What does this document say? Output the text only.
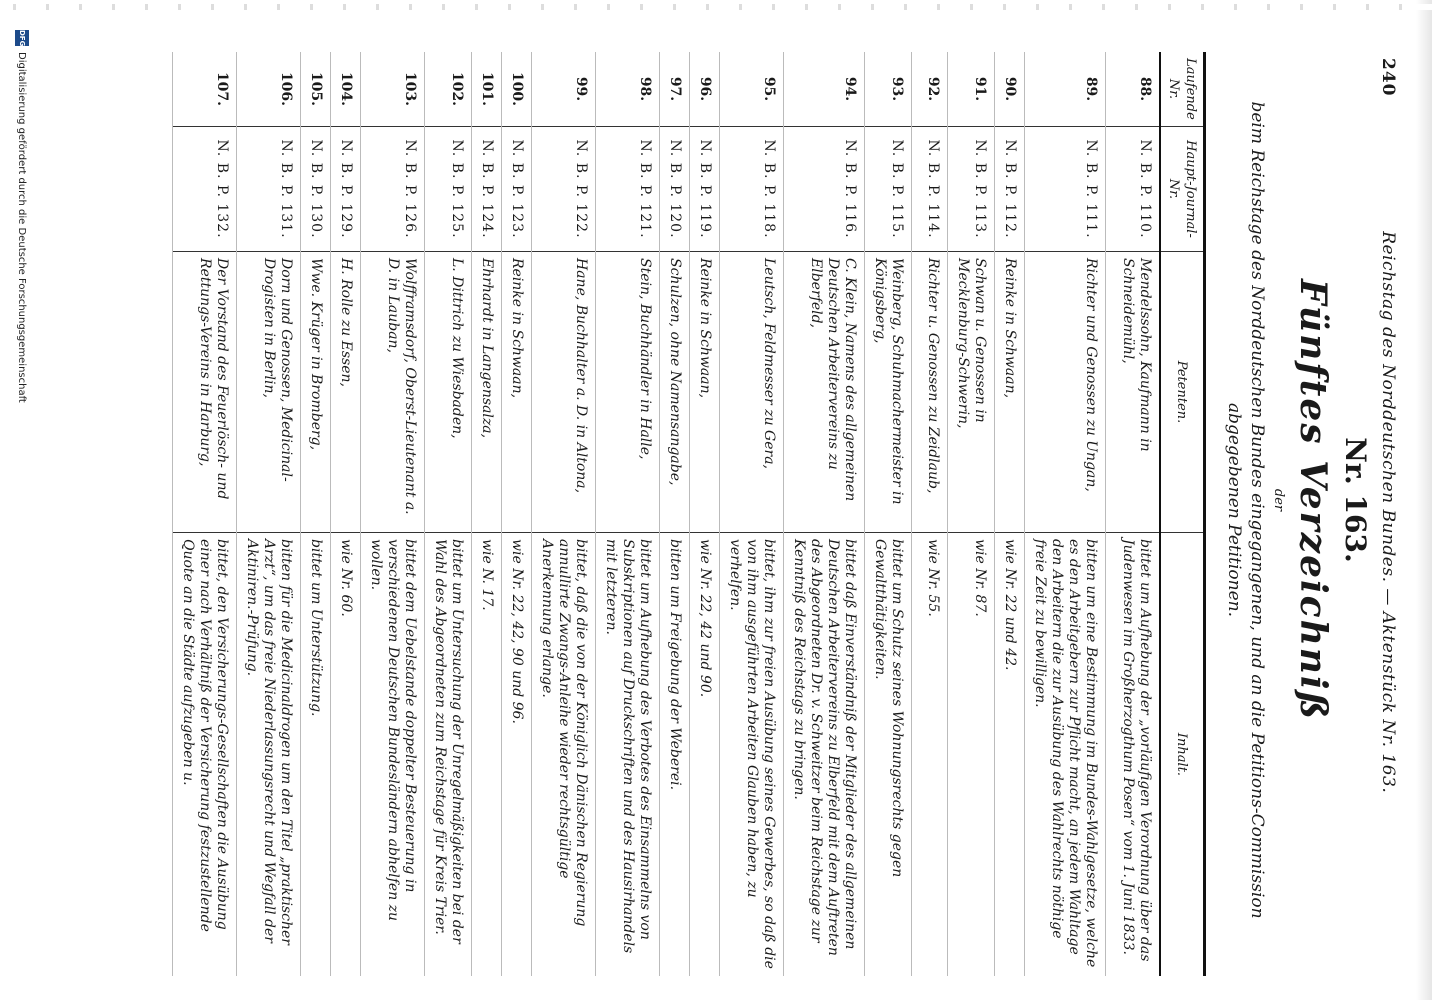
240
Reichstag des Norddeutschen Bundes. — Aktenstück Nr. 163.
Nr. 163.
Fünftes Verzeichniß
der
beim Reichstage des Norddeutschen Bundes eingegangenen, und an die Petitions-Commission abgegebenen Petitionen.
Laufende Nr.	Haupt-Journal-Nr.	Petenten.	Inhalt.
88.	N. B. P. 110.	Mendelssohn, Kaufmann in Schneidemühl,	bittet um Aufhebung der „vorläufigen Verordnung über das Judenwesen im Großherzogthum Posen“ vom 1. Juni 1833.
89.	N. B. P. 111.	Richter und Genossen zu Ungan,	bitten um eine Bestimmung im Bundes-Wahlgesetze, welche es den Arbeitgebern zur Pflicht macht, an jedem Wahltage den Arbeitern die zur Ausübung des Wahlrechts nöthige freie Zeit zu bewilligen.
90.	N. B. P. 112.	Reinke in Schwaan,	wie Nr. 22 und 42.
91.	N. B. P. 113.	Schwan u. Genossen in Mecklenburg-Schwerin,	wie Nr. 87.
92.	N. B. P. 114.	Richter u. Genossen zu Zeidlaub,	wie Nr. 55.
93.	N. B. P. 115.	Weinberg, Schuhmachermeister in Königsberg,	bittet um Schutz seines Wohnungsrechts gegen Gewaltthätigkeiten.
94.	N. B. P. 116.	C. Klein, Namens des allgemeinen Deutschen Arbeitervereins zu Elberfeld,	bittet daß Einverständniß der Mitglieder des allgemeinen Deutschen Arbeitervereins zu Elberfeld mit dem Auftreten des Abgeordneten Dr. v. Schweitzer beim Reichstage zur Kenntniß des Reichstags zu bringen.
95.	N. B. P. 118.	Leutsch, Feldmesser zu Gera,	bittet, ihm zur freien Ausübung seines Gewerbes, so daß die von ihm ausgeführten Arbeiten Glauben haben, zu verhelfen.
96.	N. B. P. 119.	Reinke in Schwaan,	wie Nr. 22, 42 und 90.
97.	N. B. P. 120.	Schulzen, ohne Namensangabe,	bitten um Freigebung der Weberei.
98.	N. B. P. 121.	Stein, Buchhändler in Halle,	bittet um Aufhebung des Verbotes des Einsammelns von Subskriptionen auf Druckschriften und des Hausirhandels mit letzteren.
99.	N. B. P. 122.	Hane, Buchhalter a. D. in Altona,	bittet, daß die von der Königlich Dänischen Regierung annullirte Zwangs-Anleihe wieder rechtsgültige Anerkennung erlange.
100.	N. B. P. 123.	Reinke in Schwaan,	wie Nr. 22, 42, 90 und 96.
101.	N. B. P. 124.	Ehrhardt in Langensalza,	wie N. 17.
102.	N. B. P. 125.	L. Dittrich zu Wiesbaden,	bittet um Untersuchung der Unregelmäßigkeiten bei der Wahl des Abgeordneten zum Reichstage für Kreis Trier.
103.	N. B. P. 126.	Wolfframsdorf, Oberst-Lieutenant a. D. in Lauban,	bittet dem Uebelstande doppelter Besteuerung in verschiedenen Deutschen Bundesländern abhelfen zu wollen.
104.	N. B. P. 129.	H. Rolle zu Essen,	wie Nr. 60.
105.	N. B. P. 130.	Wwe. Krüger in Bromberg,	bittet um Unterstützung.
106.	N. B. P. 131.	Dorn und Genossen, Medicinal-Drogisten in Berlin,	bitten für die Medicinaldrogen um den Titel „praktischer Arzt“, um das freie Niederlassungsrecht und Wegfall der Aktiniren.-Prüfung.
107.	N. B. P. 132.	Der Vorstand des Feuerlösch- und Rettungs-Vereins in Harburg,	bittet, den Versicherungs-Gesellschaften die Ausübung einer nach Verhältniß der Versicherung festzustellende Quote an die Städte aufzugeben u.
DFG
Digitalisierung gefördert durch die Deutsche Forschungsgemeinschaft
